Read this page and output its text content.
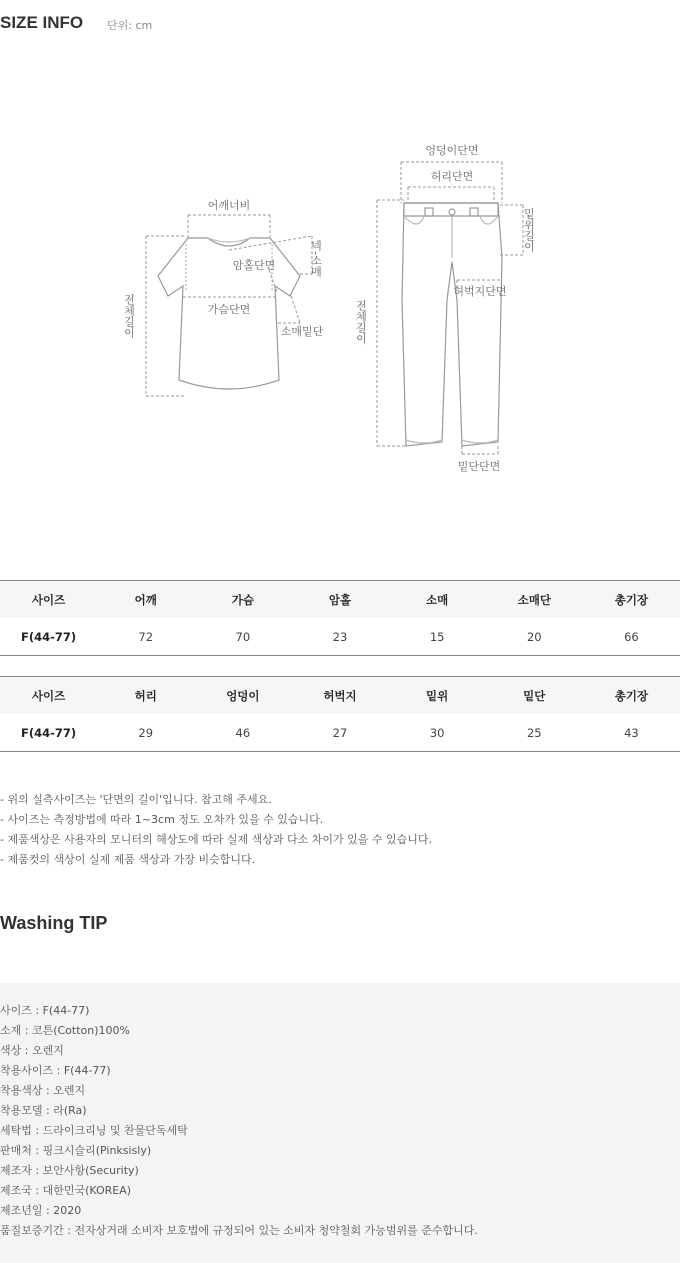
SIZE INFO 단위: cm
어깨너비
넥-소매
암홀단면
가슴단면
소매밑단
전체길이
엉덩이단면
허리단면
밑위길이
허벅지단면
전체길이
밑단단면
사이즈	어깨	가슴	암홀	소매	소매단	총기장
F(44-77)	72	70	23	15	20	66
사이즈	허리	엉덩이	허벅지	밑위	밑단	총기장
F(44-77)	29	46	27	30	25	43
- 위의 실측사이즈는 '단면의 길이'입니다. 참고해 주세요.
- 사이즈는 측정방법에 따라 1~3cm 정도 오차가 있을 수 있습니다.
- 제품색상은 사용자의 모니터의 해상도에 따라 실제 색상과 다소 차이가 있을 수 있습니다.
- 제품컷의 색상이 실제 제품 색상과 가장 비슷합니다.
Washing TIP
사이즈 : F(44-77)
소재 : 코튼(Cotton)100%
색상 : 오렌지
착용사이즈 : F(44-77)
착용색상 : 오렌지
착용모델 : 라(Ra)
세탁법 : 드라이크리닝 및 찬물단독세탁
판매처 : 핑크시슬리(Pinksisly)
제조자 : 보안사항(Security)
제조국 : 대한민국(KOREA)
제조년일 : 2020
품질보증기간 : 전자상거래 소비자 보호법에 규정되어 있는 소비자 청약철회 가능범위를 준수합니다.
